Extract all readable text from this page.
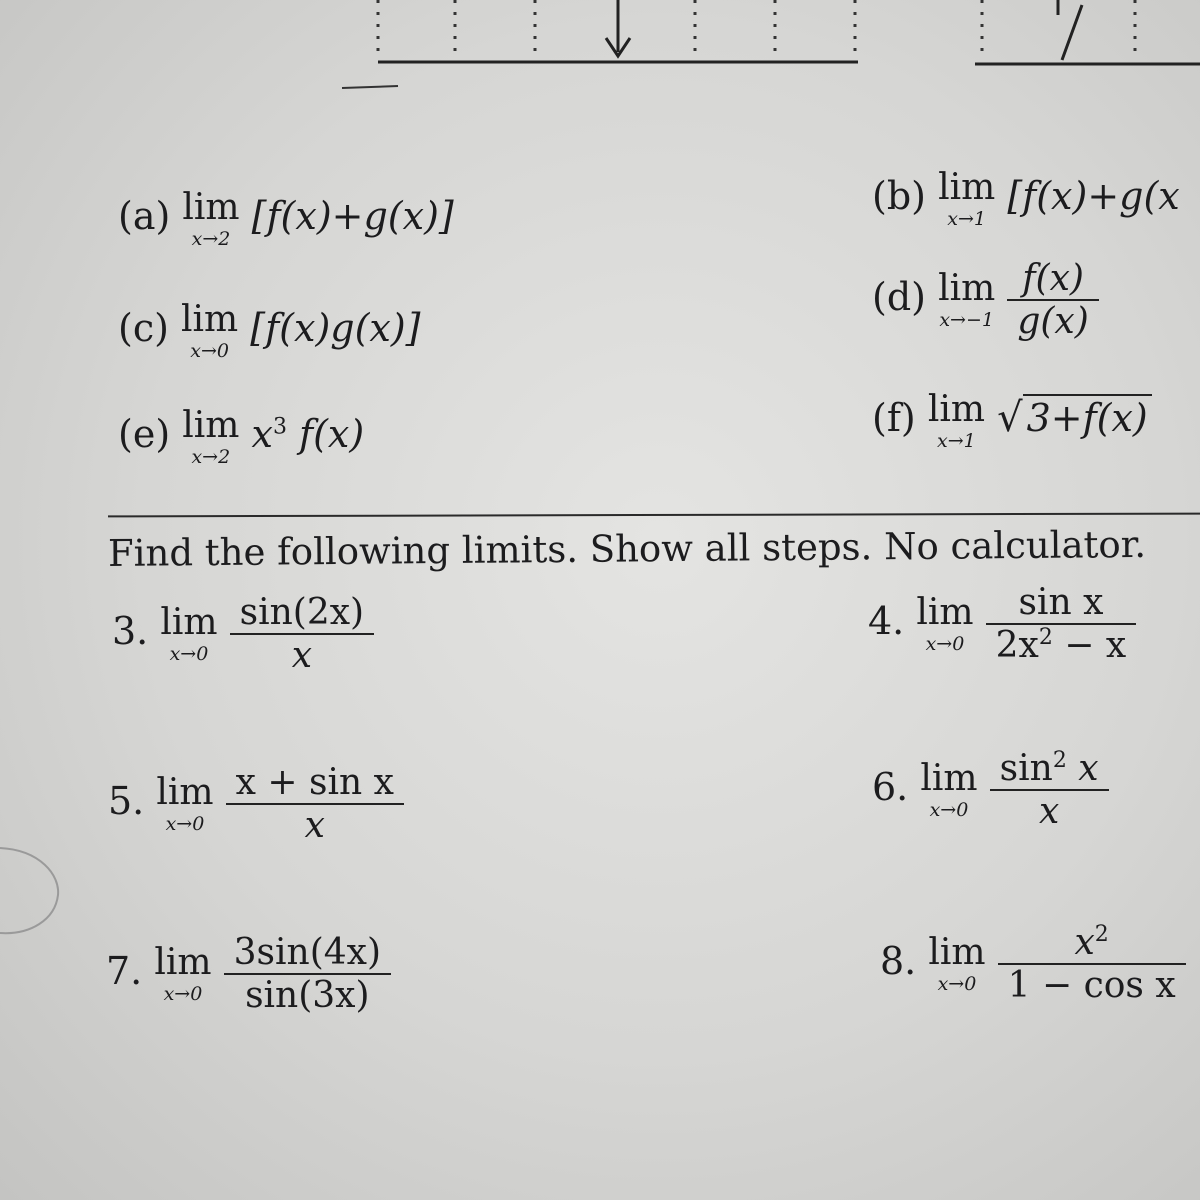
(a) lim
x→2
[f(x)+g(x)]	(b) lim
x→1
[f(x)+g(x
(c) lim
x→0
[f(x)g(x)]
(d) lim
x→−1
$\frac{f(x)}{g(x)}$
(e) lim
x→2
$x^3$ f(x)	(f) lim
x→1 √ 3+f(x)
Find the following limits. Show all steps. No calculator.
3. lim
x→0
$\frac{\sin(2x)}{x}$	4. lim
x→0
$\frac{\text{sin x}}{2x^2 - x}$
5. lim
x→0
$\frac{\text{x + sin x}}{x}$	6. lim
x→0
$\frac{\sin^2 x}{x}$
7. lim
x→0
$\frac{3\sin(4x)}{\sin(3x)}$	8. lim
x→0
$\frac{x^2}{\text{1 − cos x}}$
